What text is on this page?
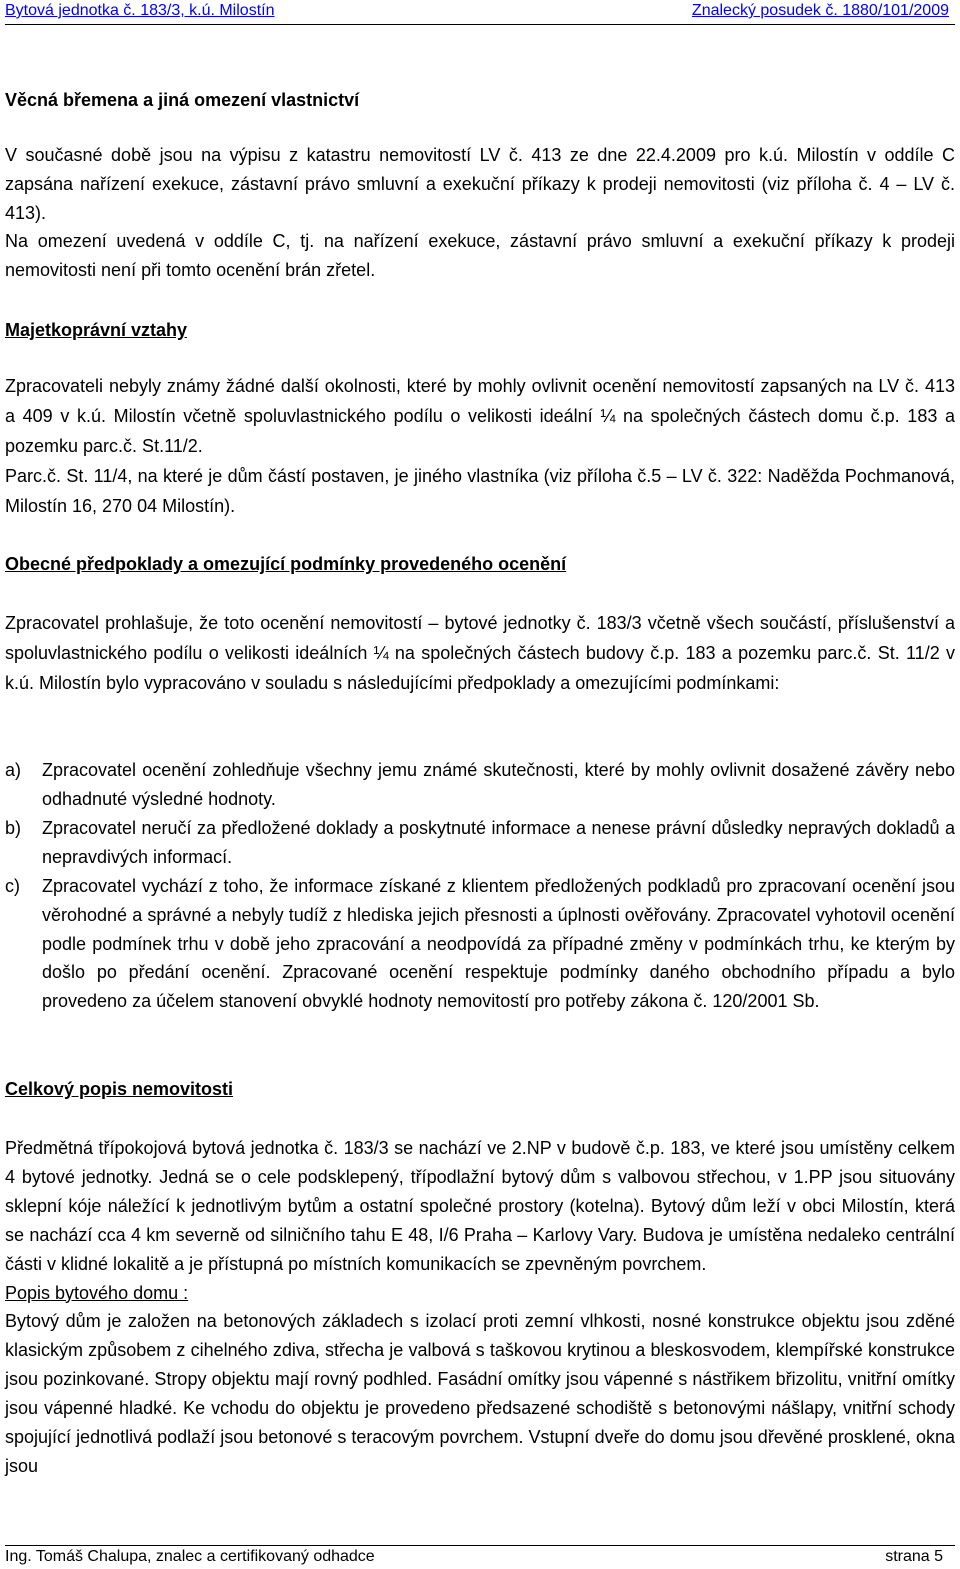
Bytová jednotka č. 183/3, k.ú. Milostín	Znalecký posudek č. 1880/101/2009
Věcná břemena a jiná omezení vlastnictví
V současné době jsou na výpisu z katastru nemovitostí LV č. 413 ze dne 22.4.2009 pro k.ú. Milostín v oddíle C zapsána nařízení exekuce, zástavní právo smluvní a exekuční příkazy k prodeji nemovitosti (viz příloha č. 4 – LV č. 413).
Na omezení uvedená v oddíle C, tj. na nařízení exekuce, zástavní právo smluvní a exekuční příkazy k prodeji nemovitosti není při tomto ocenění brán zřetel.
Majetkoprávní vztahy
Zpracovateli nebyly známy žádné další okolnosti, které by mohly ovlivnit ocenění nemovitostí zapsaných na LV č. 413 a 409 v k.ú. Milostín včetně spoluvlastnického podílu o velikosti ideální ¼ na společných částech domu č.p. 183 a pozemku parc.č. St.11/2.
Parc.č. St. 11/4, na které je dům částí postaven, je jiného vlastníka (viz příloha č.5 – LV č. 322: Naděžda Pochmanová, Milostín 16, 270 04 Milostín).
Obecné předpoklady a omezující podmínky provedeného ocenění
Zpracovatel prohlašuje, že toto ocenění nemovitostí – bytové jednotky č. 183/3 včetně všech součástí, příslušenství a spoluvlastnického podílu o velikosti ideálních ¼ na společných částech budovy č.p. 183 a pozemku parc.č. St. 11/2 v k.ú. Milostín bylo vypracováno v souladu s následujícími předpoklady a omezujícími podmínkami:
a) Zpracovatel ocenění zohledňuje všechny jemu známé skutečnosti, které by mohly ovlivnit dosažené závěry nebo odhadnuté výsledné hodnoty.
b) Zpracovatel neručí za předložené doklady a poskytnuté informace a nenese právní důsledky nepravých dokladů a nepravdivých informací.
c) Zpracovatel vychází z toho, že informace získané z klientem předložených podkladů pro zpracovaní ocenění jsou věrohodné a správné a nebyly tudíž z hlediska jejich přesnosti a úplnosti ověřovány. Zpracovatel vyhotovil ocenění podle podmínek trhu v době jeho zpracování a neodpovídá za případné změny v podmínkách trhu, ke kterým by došlo po předání ocenění. Zpracované ocenění respektuje podmínky daného obchodního případu a bylo provedeno za účelem stanovení obvyklé hodnoty nemovitostí pro potřeby zákona č. 120/2001 Sb.
Celkový popis nemovitosti
Předmětná třípokojová bytová jednotka č. 183/3 se nachází ve 2.NP v budově č.p. 183, ve které jsou umístěny celkem 4 bytové jednotky. Jedná se o cele podsklepený, třípodlažní bytový dům s valbovou střechou, v 1.PP jsou situovány sklepní kóje náležící k jednotlivým bytům a ostatní společné prostory (kotelna). Bytový dům leží v obci Milostín, která se nachází cca 4 km severně od silničního tahu E 48, I/6 Praha – Karlovy Vary. Budova je umístěna nedaleko centrální části v klidné lokalitě a je přístupná po místních komunikacích se zpevněným povrchem.
Popis bytového domu :
Bytový dům je založen na betonových základech s izolací proti zemní vlhkosti, nosné konstrukce objektu jsou zděné klasickým způsobem z cihelného zdiva, střecha je valbová s taškovou krytinou a bleskosvodem, klempířské konstrukce jsou pozinkované. Stropy objektu mají rovný podhled. Fasádní omítky jsou vápenné s nástřikem břizolitu, vnitřní omítky jsou vápenné hladké. Ke vchodu do objektu je provedeno předsazené schodiště s betonovými nášlapy, vnitřní schody spojující jednotlivá podlaží jsou betonové s teracovým povrchem. Vstupní dveře do domu jsou dřevěné prosklené, okna jsou
Ing. Tomáš Chalupa, znalec a certifikovaný odhadce	strana 5
